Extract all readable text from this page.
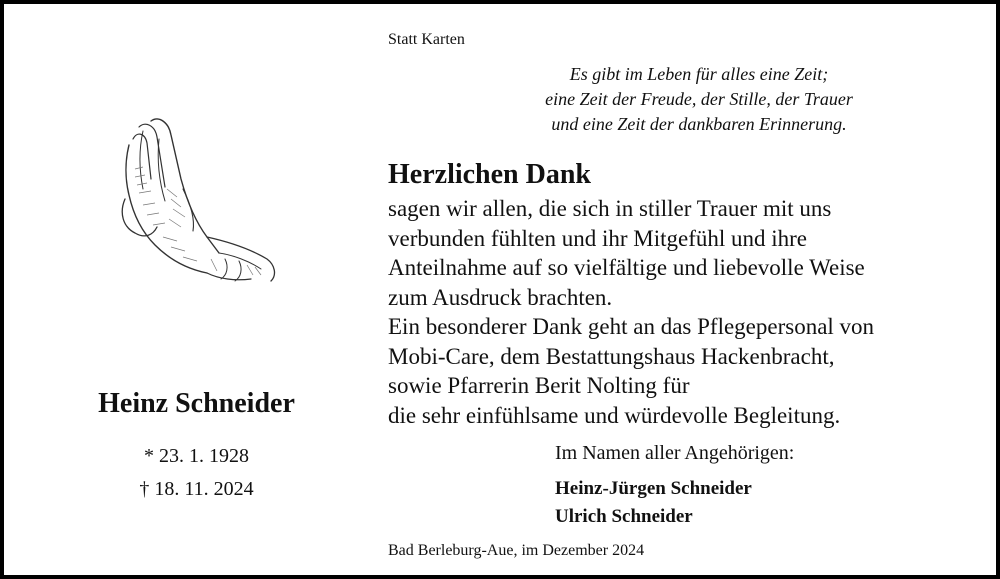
Statt Karten
Es gibt im Leben für alles eine Zeit;
eine Zeit der Freude, der Stille, der Trauer
und eine Zeit der dankbaren Erinnerung.
Heinz Schneider
* 23. 1. 1928
† 18. 11. 2024
Herzlichen Dank
sagen wir allen, die sich in stiller Trauer mit uns
verbunden fühlten und ihr Mitgefühl und ihre
Anteilnahme auf so vielfältige und liebevolle Weise
zum Ausdruck brachten.
Ein besonderer Dank geht an das Pflegepersonal von
Mobi-Care, dem Bestattungshaus Hackenbracht,
sowie Pfarrerin Berit Nolting für
die sehr einfühlsame und würdevolle Begleitung.
Im Namen aller Angehörigen:
Heinz-Jürgen Schneider
Ulrich Schneider
Bad Berleburg-Aue, im Dezember 2024
